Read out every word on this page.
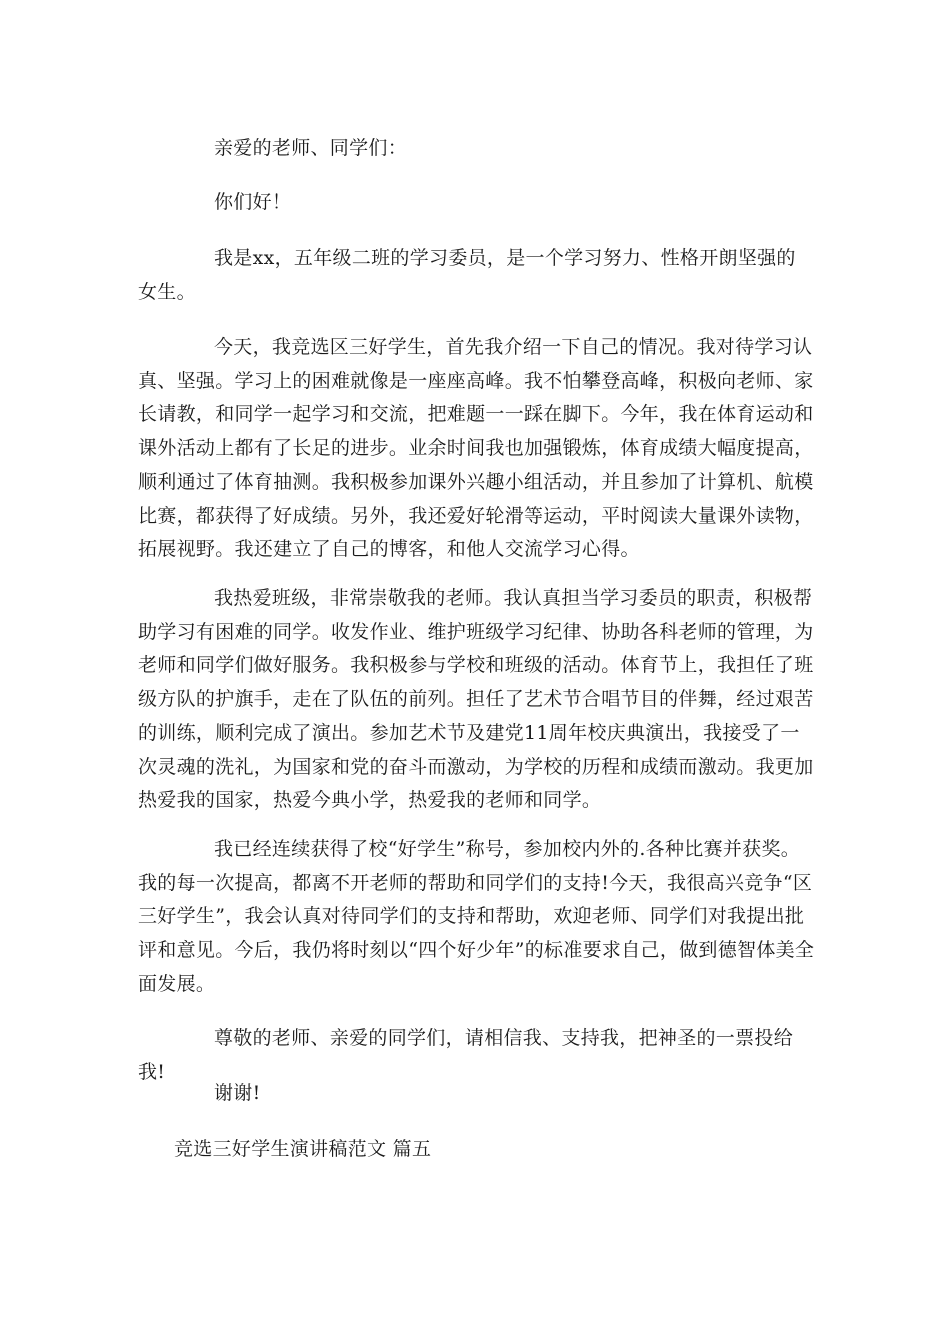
亲爱的老师、同学们：

你们好！

我是xx，五年级二班的学习委员，是一个学习努力、性格开朗坚强的女生。

今天，我竞选区三好学生，首先我介绍一下自己的情况。我对待学习认真、坚强。学习上的困难就像是一座座高峰。我不怕攀登高峰，积极向老师、家长请教，和同学一起学习和交流，把难题一一踩在脚下。今年，我在体育运动和课外活动上都有了长足的进步。业余时间我也加强锻炼，体育成绩大幅度提高，顺利通过了体育抽测。我积极参加课外兴趣小组活动，并且参加了计算机、航模比赛，都获得了好成绩。另外，我还爱好轮滑等运动，平时阅读大量课外读物，拓展视野。我还建立了自己的博客，和他人交流学习心得。

我热爱班级，非常崇敬我的老师。我认真担当学习委员的职责，积极帮助学习有困难的同学。收发作业、维护班级学习纪律、协助各科老师的管理，为老师和同学们做好服务。我积极参与学校和班级的活动。体育节上，我担任了班级方队的护旗手，走在了队伍的前列。担任了艺术节合唱节目的伴舞，经过艰苦的训练，顺利完成了演出。参加艺术节及建党11周年校庆典演出，我接受了一次灵魂的洗礼，为国家和党的奋斗而激动，为学校的历程和成绩而激动。我更加热爱我的国家，热爱今典小学，热爱我的老师和同学。

我已经连续获得了校“好学生”称号，参加校内外的.各种比赛并获奖。我的每一次提高，都离不开老师的帮助和同学们的支持!今天，我很高兴竞争“区三好学生”，我会认真对待同学们的支持和帮助，欢迎老师、同学们对我提出批评和意见。今后，我仍将时刻以“四个好少年”的标准要求自己，做到德智体美全面发展。

尊敬的老师、亲爱的同学们，请相信我、支持我，把神圣的一票投给我!

谢谢!

竞选三好学生演讲稿范文 篇五
